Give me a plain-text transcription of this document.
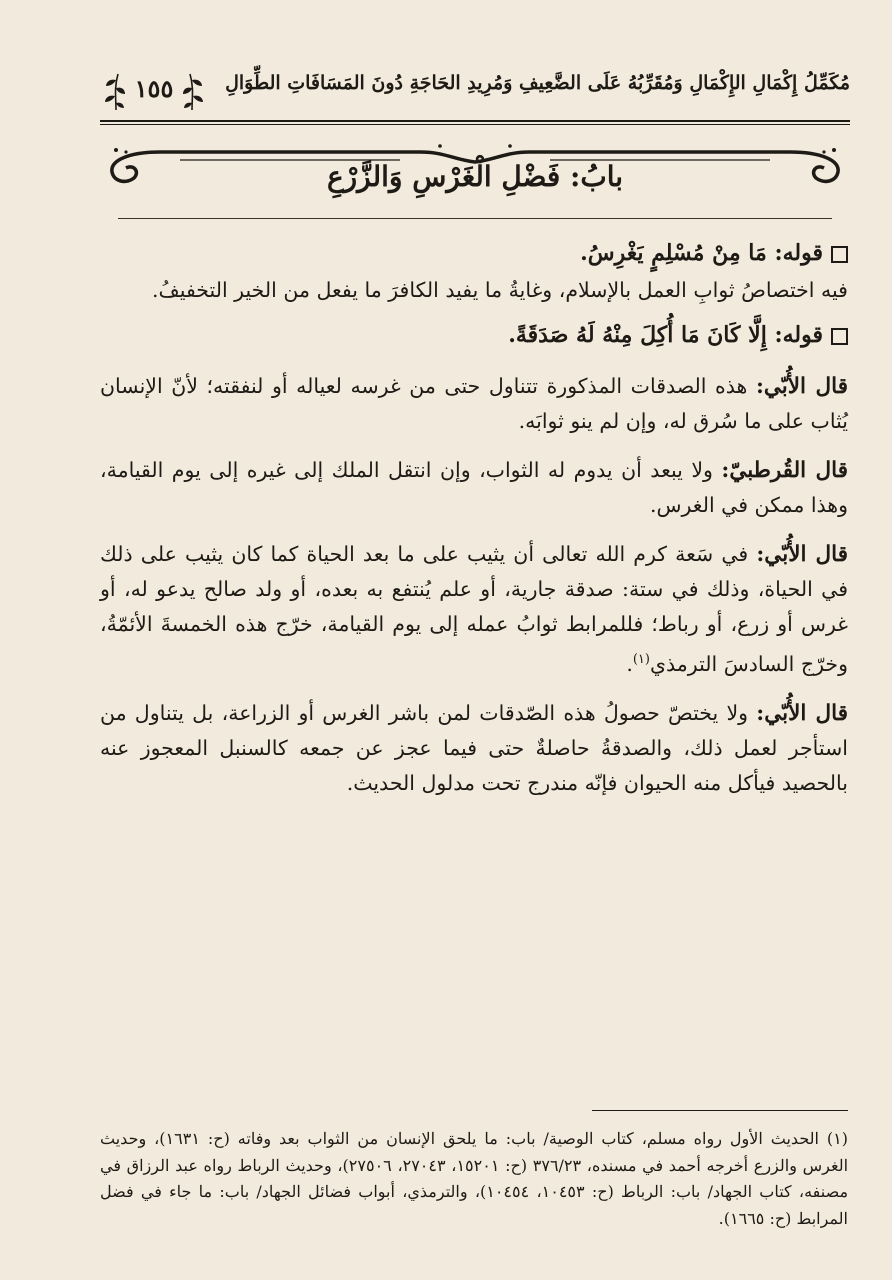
مُكَمِّلُ إِكْمَالِ الإِكْمَالِ وَمُقَرِّبُهُ عَلَى الضَّعِيفِ وَمُرِيدِ الحَاجَةِ دُونَ المَسَافَاتِ الطِّوَالِ
١٥٥
بابُ: فَضْلِ الْغَرْسِ وَالزَّرْعِ

قوله: مَا مِنْ مُسْلِمٍ يَغْرِسُ.

فيه اختصاصُ ثوابِ العمل بالإسلام، وغايةُ ما يفيد الكافرَ ما يفعل من الخير التخفيفُ.

قوله: إِلَّا كَانَ مَا أُكِلَ مِنْهُ لَهُ صَدَقَةً.

قال الأُبّي: هذه الصدقات المذكورة تتناول حتى من غرسه لعياله أو لنفقته؛ لأنّ الإنسان يُثاب على ما سُرق له، وإن لم ينو ثوابَه.

قال القُرطبيّ: ولا يبعد أن يدوم له الثواب، وإن انتقل الملك إلى غيره إلى يوم القيامة، وهذا ممكن في الغرس.

قال الأُبّي: في سَعة كرم الله تعالى أن يثيب على ما بعد الحياة كما كان يثيب على ذلك في الحياة، وذلك في ستة: صدقة جارية، أو علم يُنتفع به بعده، أو ولد صالح يدعو له، أو غرس أو زرع، أو رباط؛ فللمرابط ثوابُ عمله إلى يوم القيامة، خرّج هذه الخمسةَ الأئمّةُ، وخرّج السادسَ الترمذي$^{(١)}$.

قال الأُبّي: ولا يختصّ حصولُ هذه الصّدقات لمن باشر الغرس أو الزراعة، بل يتناول من استأجر لعمل ذلك، والصدقةُ حاصلةٌ حتى فيما عجز عن جمعه كالسنبل المعجوز عنه بالحصيد فيأكل منه الحيوان فإنّه مندرج تحت مدلول الحديث.

(١) الحديث الأول رواه مسلم، كتاب الوصية/ باب: ما يلحق الإنسان من الثواب بعد وفاته (ح: ١٦٣١)، وحديث الغرس والزرع أخرجه أحمد في مسنده، ٣٧٦/٢٣ (ح: ١٥٢٠١، ٢٧٠٤٣، ٢٧٥٠٦)، وحديث الرباط رواه عبد الرزاق في مصنفه، كتاب الجهاد/ باب: الرباط (ح: ١٠٤٥٣، ١٠٤٥٤)، والترمذي، أبواب فضائل الجهاد/ باب: ما جاء في فضل المرابط (ح: ١٦٦٥).
